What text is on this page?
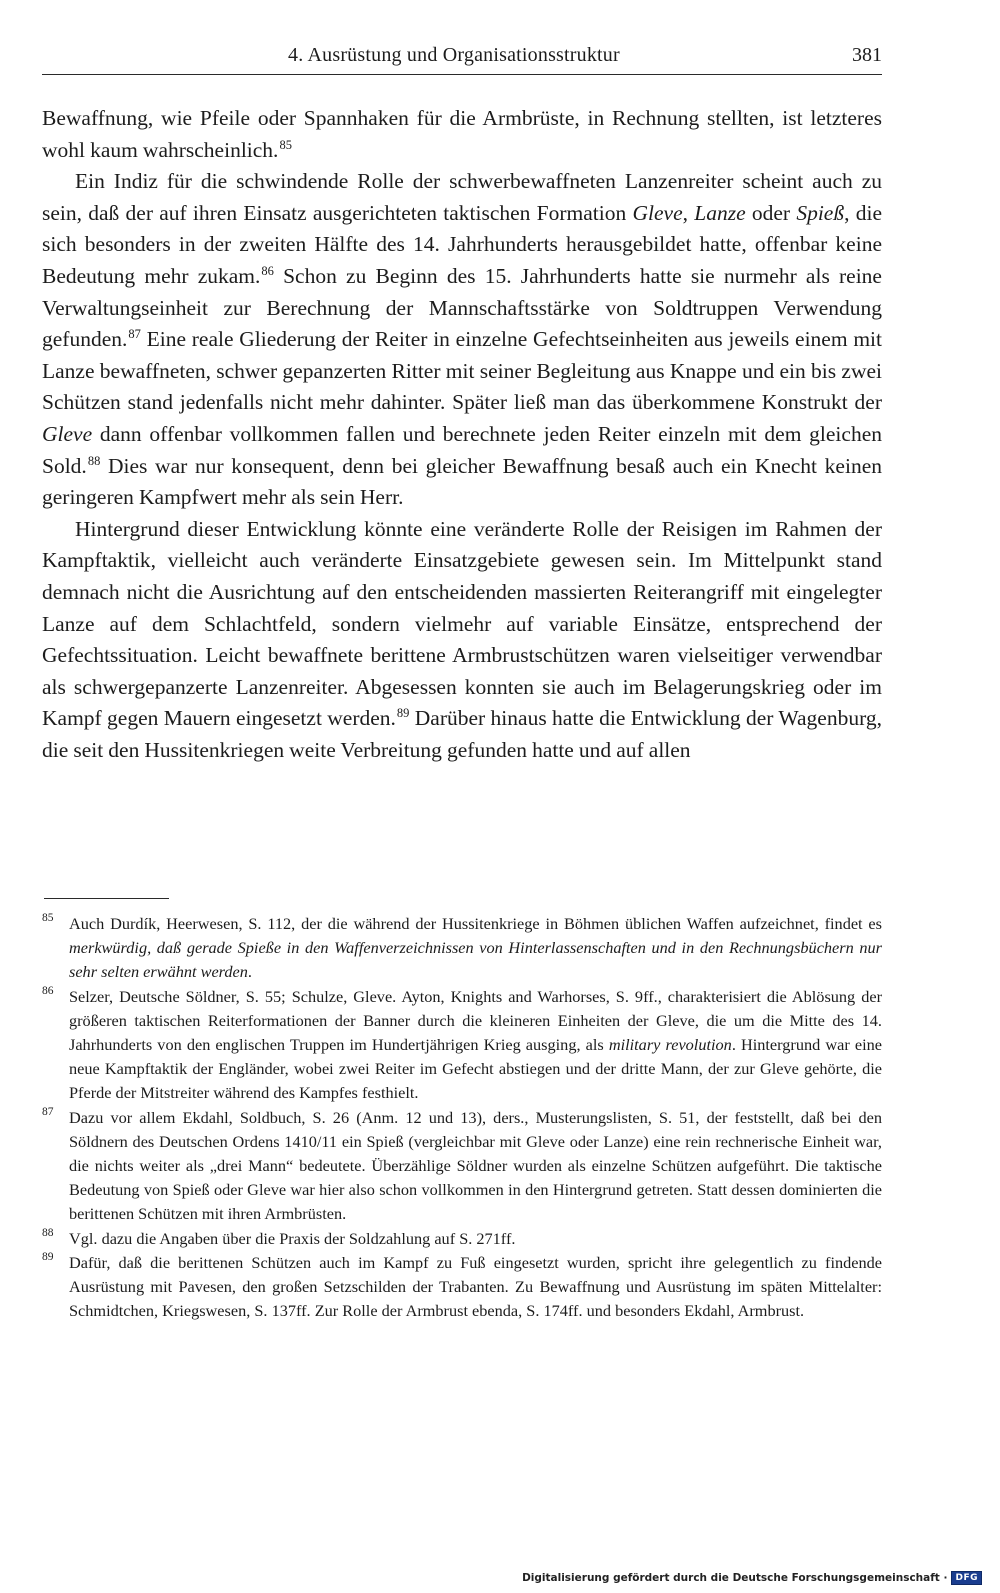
4. Ausrüstung und Organisationsstruktur	381

Bewaffnung, wie Pfeile oder Spannhaken für die Armbrüste, in Rechnung stellten, ist letzteres wohl kaum wahrscheinlich.$^{85}$

Ein Indiz für die schwindende Rolle der schwerbewaffneten Lanzenreiter scheint auch zu sein, daß der auf ihren Einsatz ausgerichteten taktischen Formation Gleve, Lanze oder Spieß, die sich besonders in der zweiten Hälfte des 14. Jahrhunderts herausgebildet hatte, offenbar keine Bedeutung mehr zukam.$^{86}$ Schon zu Beginn des 15. Jahrhunderts hatte sie nurmehr als reine Verwaltungseinheit zur Berechnung der Mannschaftsstärke von Soldtruppen Verwendung gefunden.$^{87}$ Eine reale Gliederung der Reiter in einzelne Gefechtseinheiten aus jeweils einem mit Lanze bewaffneten, schwer gepanzerten Ritter mit seiner Begleitung aus Knappe und ein bis zwei Schützen stand jedenfalls nicht mehr dahinter. Später ließ man das überkommene Konstrukt der Gleve dann offenbar vollkommen fallen und berechnete jeden Reiter einzeln mit dem gleichen Sold.$^{88}$ Dies war nur konsequent, denn bei gleicher Bewaffnung besaß auch ein Knecht keinen geringeren Kampfwert mehr als sein Herr.

Hintergrund dieser Entwicklung könnte eine veränderte Rolle der Reisigen im Rahmen der Kampftaktik, vielleicht auch veränderte Einsatzgebiete gewesen sein. Im Mittelpunkt stand demnach nicht die Ausrichtung auf den entscheidenden massierten Reiterangriff mit eingelegter Lanze auf dem Schlachtfeld, sondern vielmehr auf variable Einsätze, entsprechend der Gefechtssituation. Leicht bewaffnete berittene Armbrustschützen waren vielseitiger verwendbar als schwergepanzerte Lanzenreiter. Abgesessen konnten sie auch im Belagerungskrieg oder im Kampf gegen Mauern eingesetzt werden.$^{89}$ Darüber hinaus hatte die Entwicklung der Wagenburg, die seit den Hussitenkriegen weite Verbreitung gefunden hatte und auf allen

85 Auch Durdík, Heerwesen, S. 112, der die während der Hussitenkriege in Böhmen üblichen Waffen aufzeichnet, findet es merkwürdig, daß gerade Spieße in den Waffenverzeichnissen von Hinterlassenschaften und in den Rechnungsbüchern nur sehr selten erwähnt werden.

86 Selzer, Deutsche Söldner, S. 55; Schulze, Gleve. Ayton, Knights and Warhorses, S. 9ff., charakterisiert die Ablösung der größeren taktischen Reiterformationen der Banner durch die kleineren Einheiten der Gleve, die um die Mitte des 14. Jahrhunderts von den englischen Truppen im Hundertjährigen Krieg ausging, als military revolution. Hintergrund war eine neue Kampftaktik der Engländer, wobei zwei Reiter im Gefecht abstiegen und der dritte Mann, der zur Gleve gehörte, die Pferde der Mitstreiter während des Kampfes festhielt.

87 Dazu vor allem Ekdahl, Soldbuch, S. 26 (Anm. 12 und 13), ders., Musterungslisten, S. 51, der feststellt, daß bei den Söldnern des Deutschen Ordens 1410/11 ein Spieß (vergleichbar mit Gleve oder Lanze) eine rein rechnerische Einheit war, die nichts weiter als „drei Mann“ bedeutete. Überzählige Söldner wurden als einzelne Schützen aufgeführt. Die taktische Bedeutung von Spieß oder Gleve war hier also schon vollkommen in den Hintergrund getreten. Statt dessen dominierten die berittenen Schützen mit ihren Armbrüsten.

88 Vgl. dazu die Angaben über die Praxis der Soldzahlung auf S. 271ff.

89 Dafür, daß die berittenen Schützen auch im Kampf zu Fuß eingesetzt wurden, spricht ihre gelegentlich zu findende Ausrüstung mit Pavesen, den großen Setzschilden der Trabanten. Zu Bewaffnung und Ausrüstung im späten Mittelalter: Schmidtchen, Kriegswesen, S. 137ff. Zur Rolle der Armbrust ebenda, S. 174ff. und besonders Ekdahl, Armbrust.

Digitalisierung gefördert durch die Deutsche Forschungsgemeinschaft · DFG
